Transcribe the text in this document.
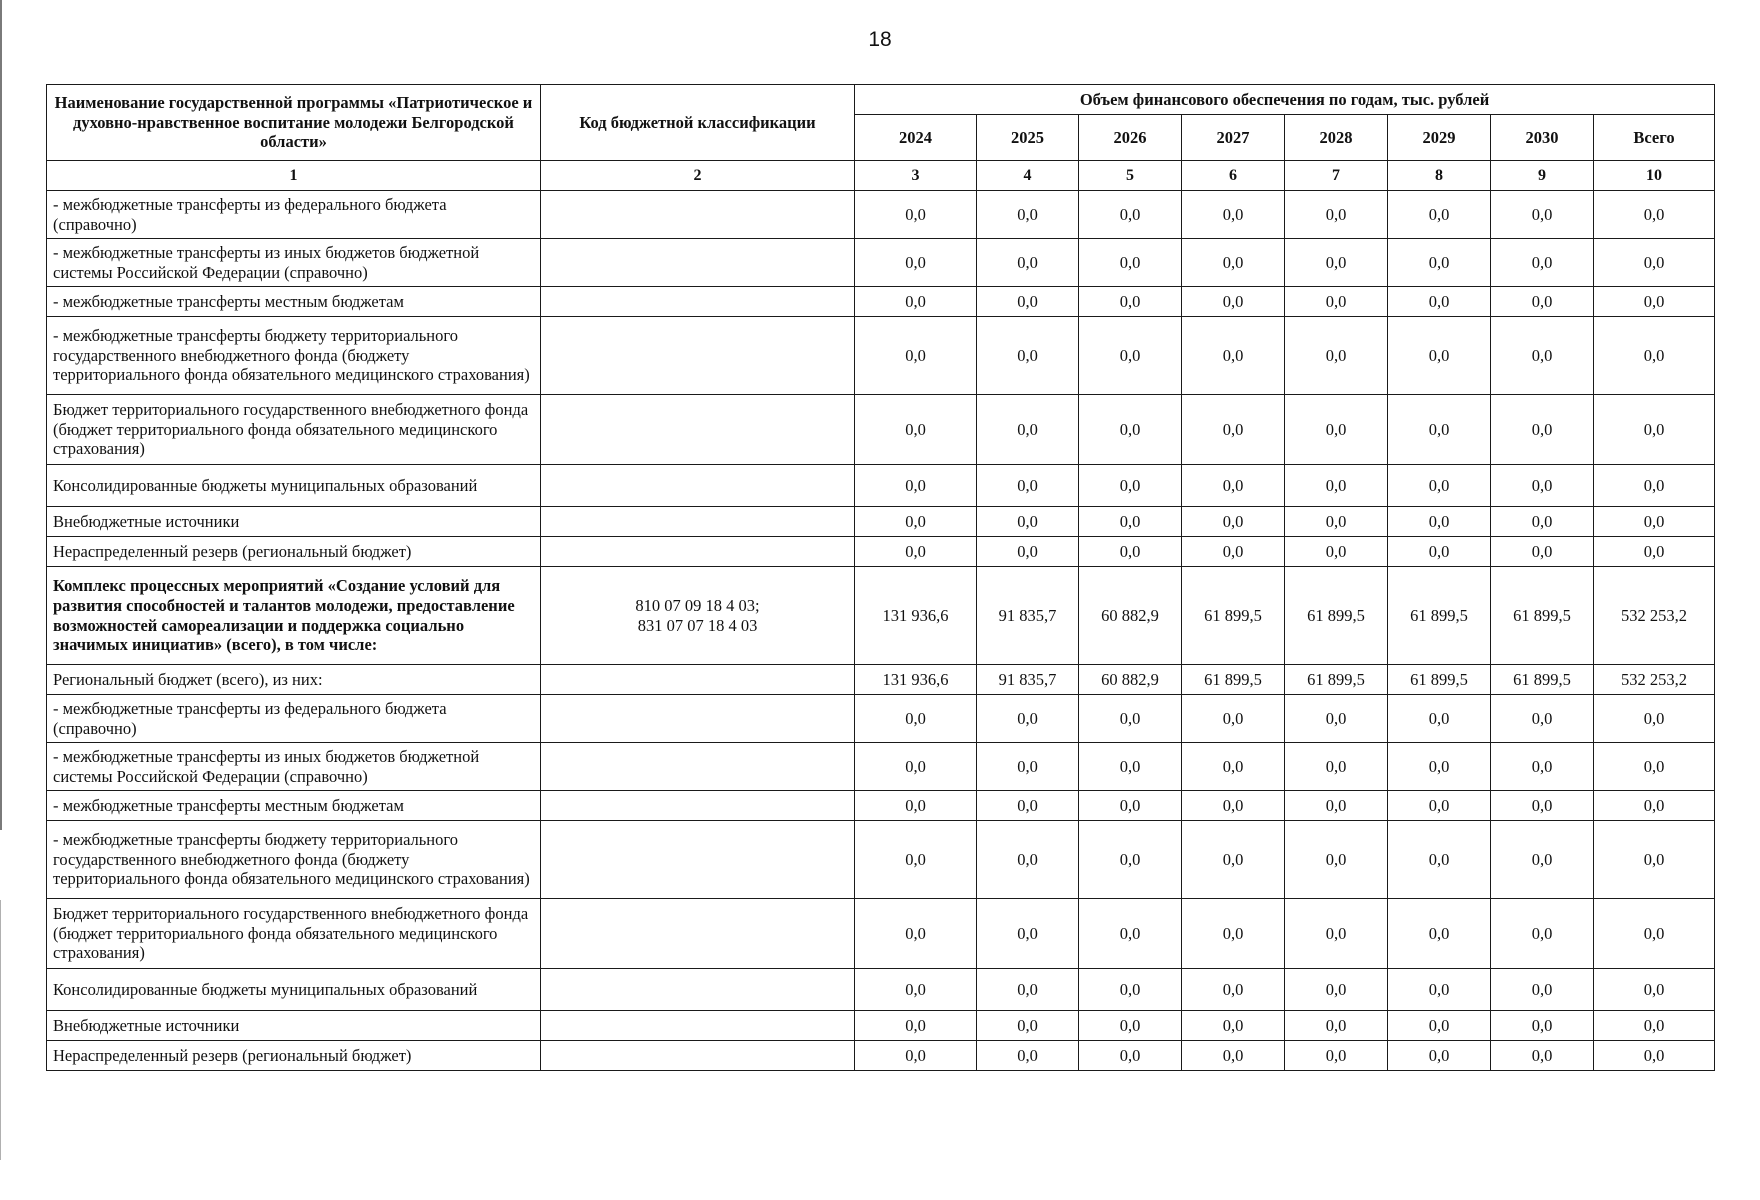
18
Наименование государственной программы «Патриотическое и духовно-нравственное воспитание молодежи Белгородской области»	Код бюджетной классификации	Объем финансового обеспечения по годам, тыс. рублей							
		2024	2025	2026	2027	2028	2029	2030	Всего
1	2	3	4	5	6	7	8	9	10
- межбюджетные трансферты из федерального бюджета (справочно)		0,0	0,0	0,0	0,0	0,0	0,0	0,0	0,0
- межбюджетные трансферты из иных бюджетов бюджетной системы Российской Федерации (справочно)		0,0	0,0	0,0	0,0	0,0	0,0	0,0	0,0
- межбюджетные трансферты местным бюджетам		0,0	0,0	0,0	0,0	0,0	0,0	0,0	0,0
- межбюджетные трансферты бюджету территориального государственного внебюджетного фонда (бюджету территориального фонда обязательного медицинского страхования)		0,0	0,0	0,0	0,0	0,0	0,0	0,0	0,0
Бюджет территориального государственного внебюджетного фонда (бюджет территориального фонда обязательного медицинского страхования)		0,0	0,0	0,0	0,0	0,0	0,0	0,0	0,0
Консолидированные бюджеты муниципальных образований		0,0	0,0	0,0	0,0	0,0	0,0	0,0	0,0
Внебюджетные источники		0,0	0,0	0,0	0,0	0,0	0,0	0,0	0,0
Нераспределенный резерв (региональный бюджет)		0,0	0,0	0,0	0,0	0,0	0,0	0,0	0,0
Комплекс процессных мероприятий «Создание условий для развития способностей и талантов молодежи, предоставление возможностей самореализации и поддержка социально значимых инициатив» (всего), в том числе:	810 07 09 18 4 03;
831 07 07 18 4 03	131 936,6	91 835,7	60 882,9	61 899,5	61 899,5	61 899,5	61 899,5	532 253,2
Региональный бюджет (всего), из них:		131 936,6	91 835,7	60 882,9	61 899,5	61 899,5	61 899,5	61 899,5	532 253,2
- межбюджетные трансферты из федерального бюджета (справочно)		0,0	0,0	0,0	0,0	0,0	0,0	0,0	0,0
- межбюджетные трансферты из иных бюджетов бюджетной системы Российской Федерации (справочно)		0,0	0,0	0,0	0,0	0,0	0,0	0,0	0,0
- межбюджетные трансферты местным бюджетам		0,0	0,0	0,0	0,0	0,0	0,0	0,0	0,0
- межбюджетные трансферты бюджету территориального государственного внебюджетного фонда (бюджету территориального фонда обязательного медицинского страхования)		0,0	0,0	0,0	0,0	0,0	0,0	0,0	0,0
Бюджет территориального государственного внебюджетного фонда (бюджет территориального фонда обязательного медицинского страхования)		0,0	0,0	0,0	0,0	0,0	0,0	0,0	0,0
Консолидированные бюджеты муниципальных образований		0,0	0,0	0,0	0,0	0,0	0,0	0,0	0,0
Внебюджетные источники		0,0	0,0	0,0	0,0	0,0	0,0	0,0	0,0
Нераспределенный резерв (региональный бюджет)		0,0	0,0	0,0	0,0	0,0	0,0	0,0	0,0
